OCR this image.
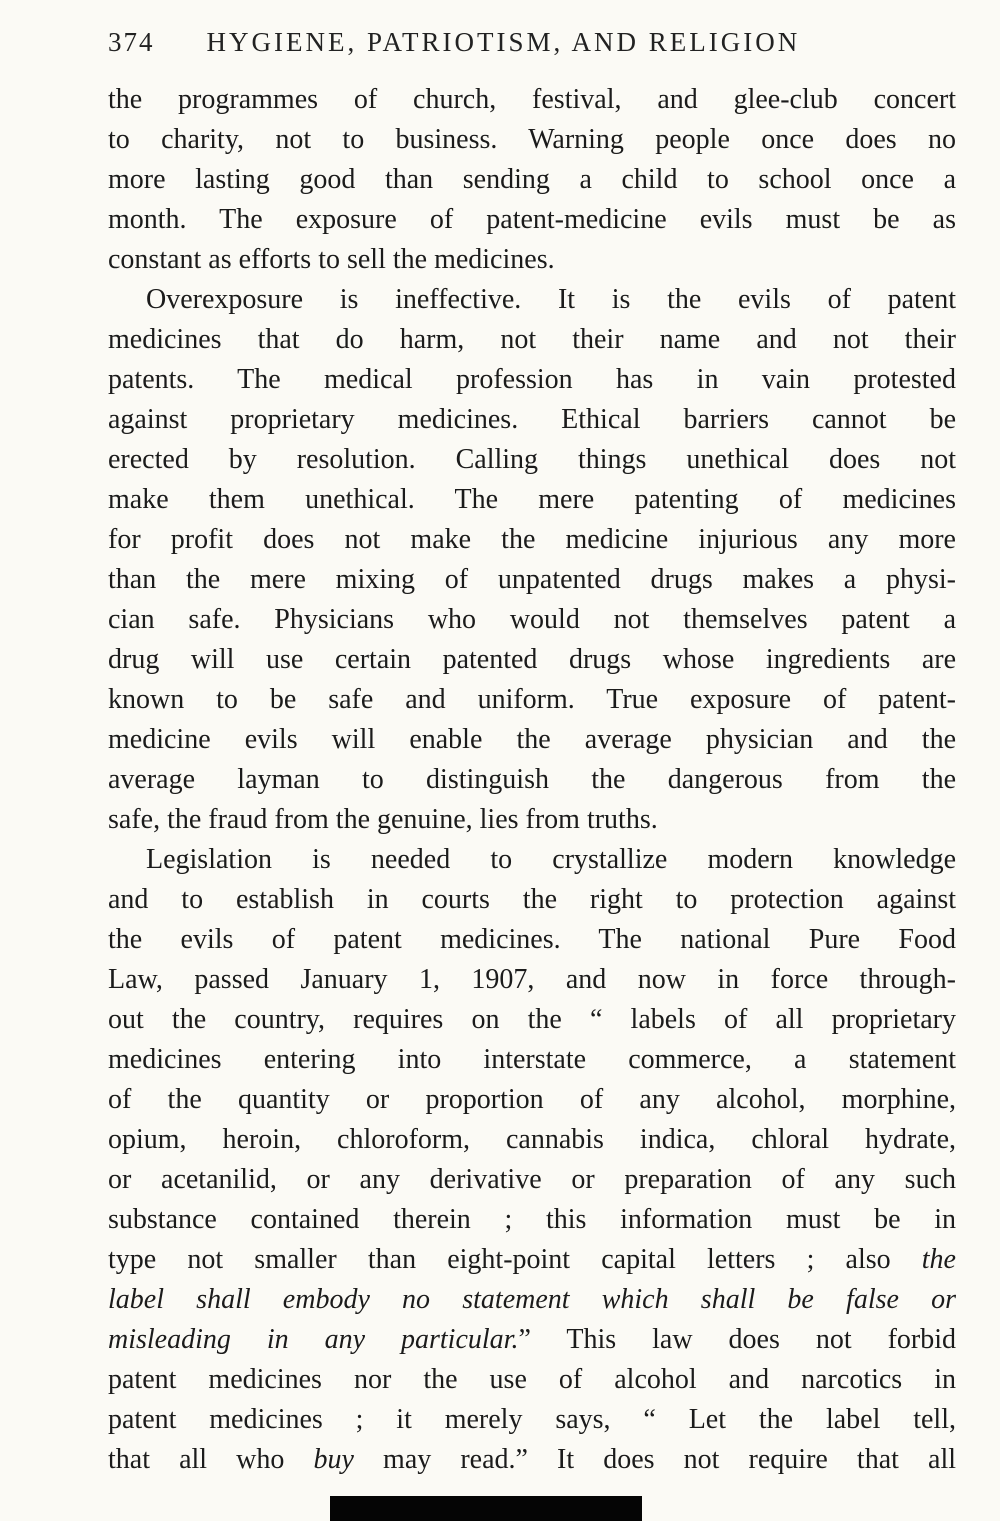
374 HYGIENE, PATRIOTISM, AND RELIGION
the programmes of church, festival, and glee-club concert
to charity, not to business. Warning people once does no
more lasting good than sending a child to school once a
month. The exposure of patent-medicine evils must be as
constant as efforts to sell the medicines.
Overexposure is ineffective. It is the evils of patent
medicines that do harm, not their name and not their
patents. The medical profession has in vain protested
against proprietary medicines. Ethical barriers cannot be
erected by resolution. Calling things unethical does not
make them unethical. The mere patenting of medicines
for profit does not make the medicine injurious any more
than the mere mixing of unpatented drugs makes a physi-
cian safe. Physicians who would not themselves patent a
drug will use certain patented drugs whose ingredients are
known to be safe and uniform. True exposure of patent-
medicine evils will enable the average physician and the
average layman to distinguish the dangerous from the
safe, the fraud from the genuine, lies from truths.
Legislation is needed to crystallize modern knowledge
and to establish in courts the right to protection against
the evils of patent medicines. The national Pure Food
Law, passed January 1, 1907, and now in force through-
out the country, requires on the “ labels of all proprietary
medicines entering into interstate commerce, a statement
of the quantity or proportion of any alcohol, morphine,
opium, heroin, chloroform, cannabis indica, chloral hydrate,
or acetanilid, or any derivative or preparation of any such
substance contained therein ; this information must be in
type not smaller than eight-point capital letters ; also the
label shall embody no statement which shall be false or
misleading in any particular.” This law does not forbid
patent medicines nor the use of alcohol and narcotics in
patent medicines ; it merely says, “ Let the label tell,
that all who buy may read.” It does not require that all
